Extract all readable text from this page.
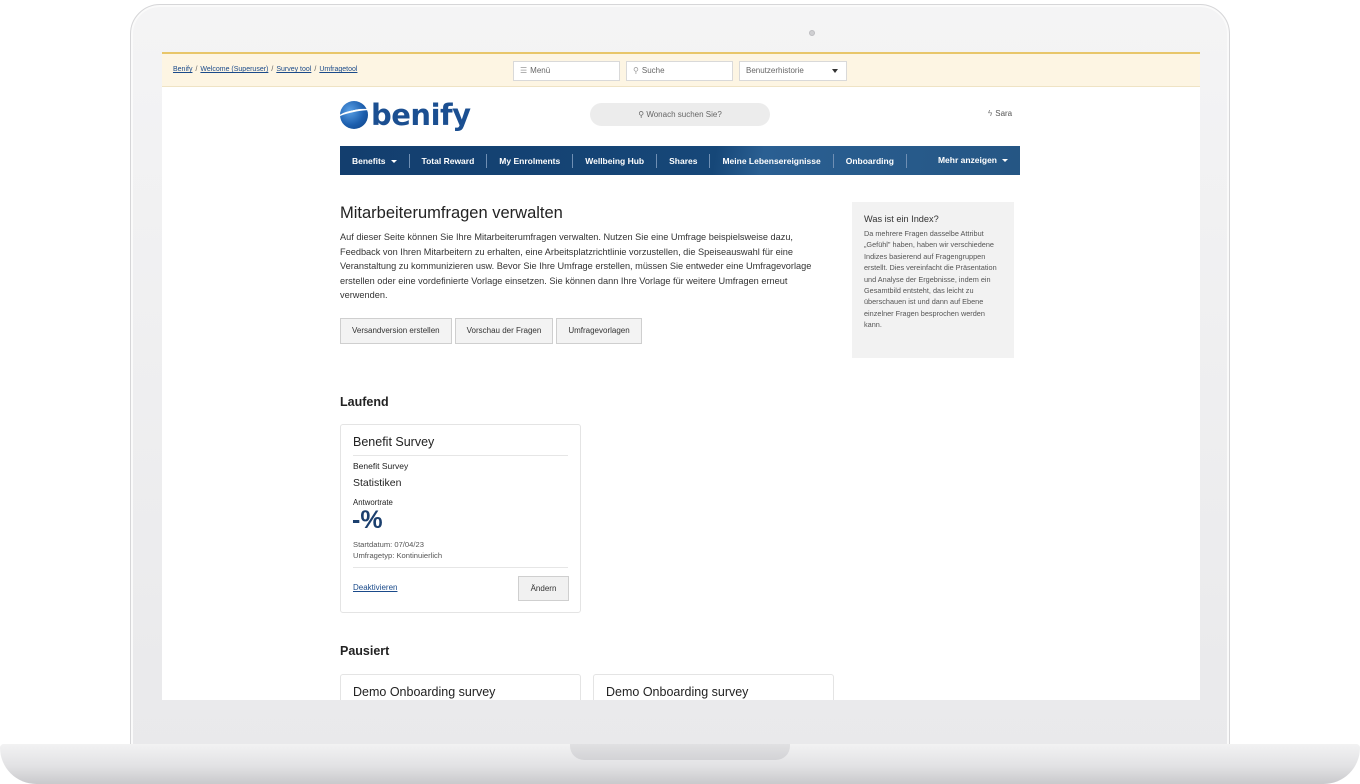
Benify / Welcome (Superuser) / Survey tool / Umfragetool	☰ Menü	⚲ Suche	Benutzerhistorie
benify	⚲ Wonach suchen Sie?	ϟ Sara
Benefits	Total Reward	My Enrolments	Wellbeing Hub	Shares	Meine Lebensereignisse	Onboarding	Mehr anzeigen
Mitarbeiterumfragen verwalten

Auf dieser Seite können Sie Ihre Mitarbeiterumfragen verwalten. Nutzen Sie eine Umfrage beispielsweise dazu, Feedback von Ihren Mitarbeitern zu erhalten, eine Arbeitsplatzrichtlinie vorzustellen, die Speiseauswahl für eine Veranstaltung zu kommunizieren usw. Bevor Sie Ihre Umfrage erstellen, müssen Sie entweder eine Umfragevorlage erstellen oder eine vordefinierte Vorlage einsetzen. Sie können dann Ihre Vorlage für weitere Umfragen erneut verwenden.

Versandversion erstellen	Vorschau der Fragen	Umfragevorlagen
Was ist ein Index?
Da mehrere Fragen dasselbe Attribut „Gefühl" haben, haben wir verschiedene Indizes basierend auf Fragengruppen erstellt. Dies vereinfacht die Präsentation und Analyse der Ergebnisse, indem ein Gesamtbild entsteht, das leicht zu überschauen ist und dann auf Ebene einzelner Fragen besprochen werden kann.
Laufend
Benefit Survey
Benefit Survey
Statistiken
Antwortrate
-%
Startdatum: 07/04/23
Umfragetyp: Kontinuierlich
Deaktivieren	Ändern
Pausiert
Demo Onboarding survey	Demo Onboarding survey
